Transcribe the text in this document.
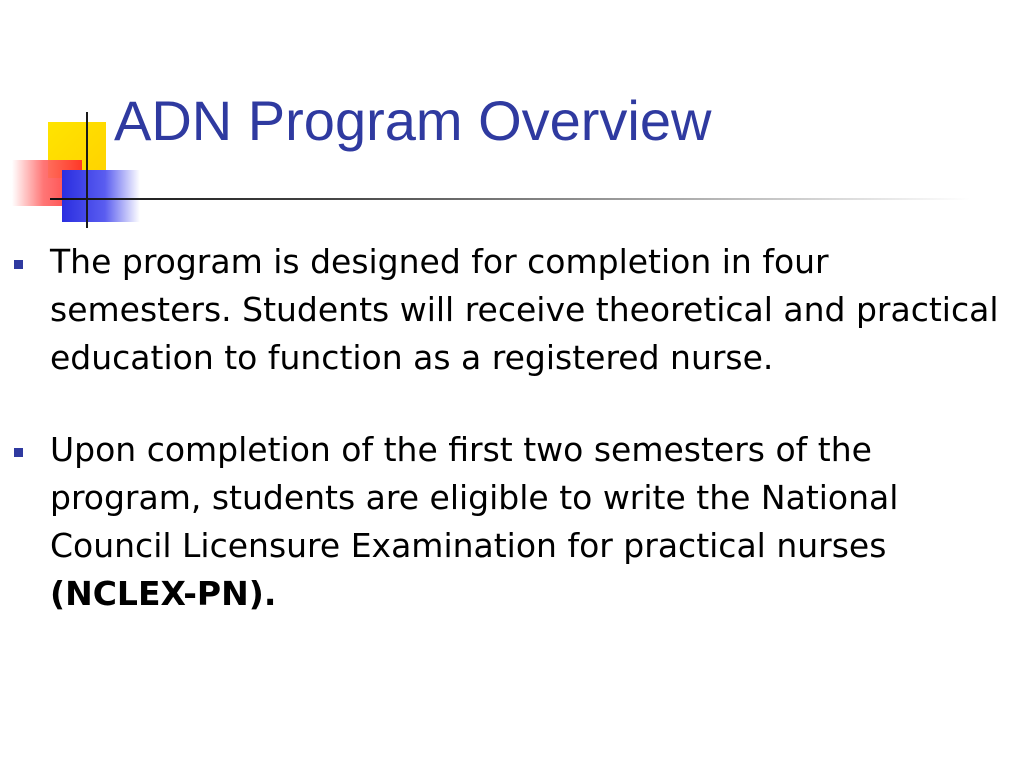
ADN Program Overview

The program is designed for completion in four semesters. Students will receive theoretical and practical education to function as a registered nurse.

Upon completion of the first two semesters of the program, students are eligible to write the National Council Licensure Examination for practical nurses (NCLEX-PN).
